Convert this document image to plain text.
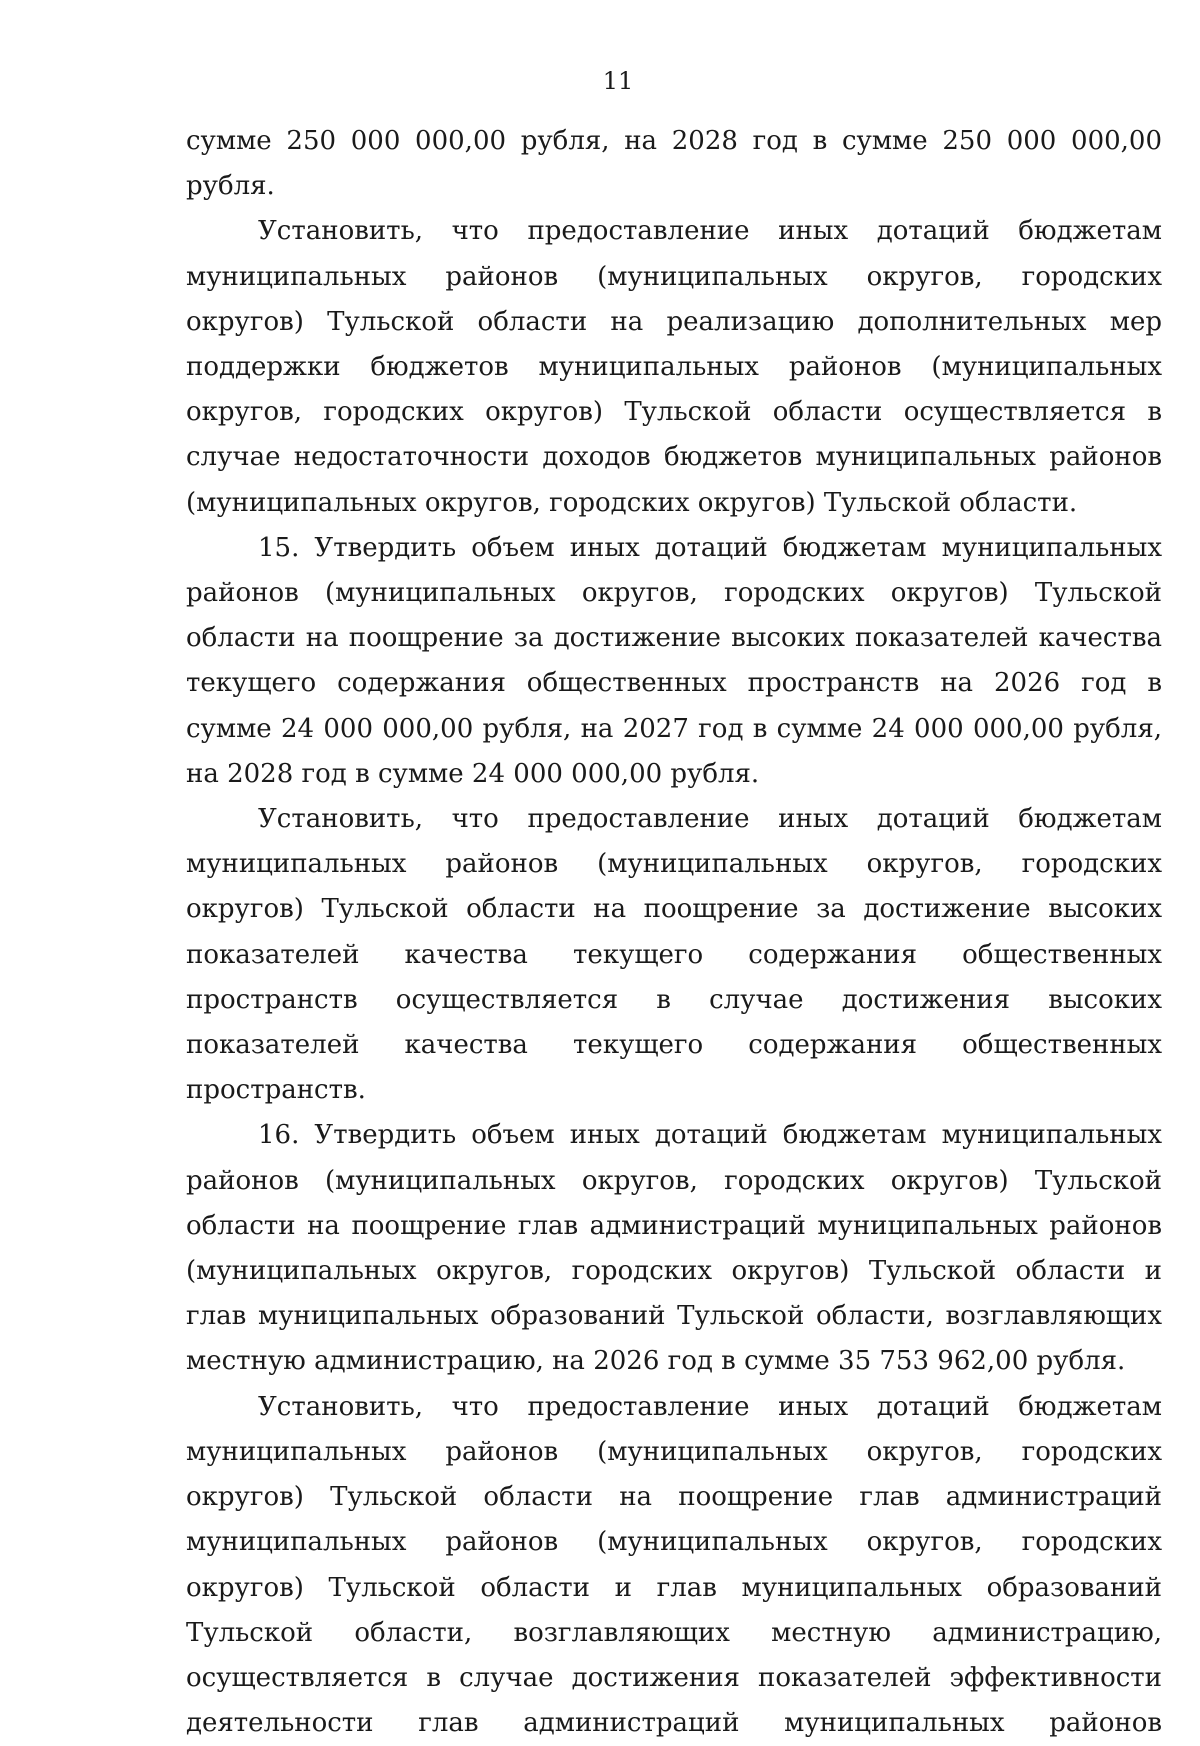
11

сумме 250 000 000,00 рубля, на 2028 год в сумме 250 000 000,00 рубля.

Установить, что предоставление иных дотаций бюджетам муниципальных районов (муниципальных округов, городских округов) Тульской области на реализацию дополнительных мер поддержки бюджетов муниципальных районов (муниципальных округов, городских округов) Тульской области осуществляется в случае недостаточности доходов бюджетов муниципальных районов (муниципальных округов, городских округов) Тульской области.

15. Утвердить объем иных дотаций бюджетам муниципальных районов (муниципальных округов, городских округов) Тульской области на поощрение за достижение высоких показателей качества текущего содержания общественных пространств на 2026 год в сумме 24 000 000,00 рубля, на 2027 год в сумме 24 000 000,00 рубля, на 2028 год в сумме 24 000 000,00 рубля.

Установить, что предоставление иных дотаций бюджетам муниципальных районов (муниципальных округов, городских округов) Тульской области на поощрение за достижение высоких показателей качества текущего содержания общественных пространств осуществляется в случае достижения высоких показателей качества текущего содержания общественных пространств.

16. Утвердить объем иных дотаций бюджетам муниципальных районов (муниципальных округов, городских округов) Тульской области на поощрение глав администраций муниципальных районов (муниципальных округов, городских округов) Тульской области и глав муниципальных образований Тульской области, возглавляющих местную администрацию, на 2026 год в сумме 35 753 962,00 рубля.

Установить, что предоставление иных дотаций бюджетам муниципальных районов (муниципальных округов, городских округов) Тульской области на поощрение глав администраций муниципальных районов (муниципальных округов, городских округов) Тульской области и глав муниципальных образований Тульской области, возглавляющих местную администрацию, осуществляется в случае достижения показателей эффективности деятельности глав администраций муниципальных районов
